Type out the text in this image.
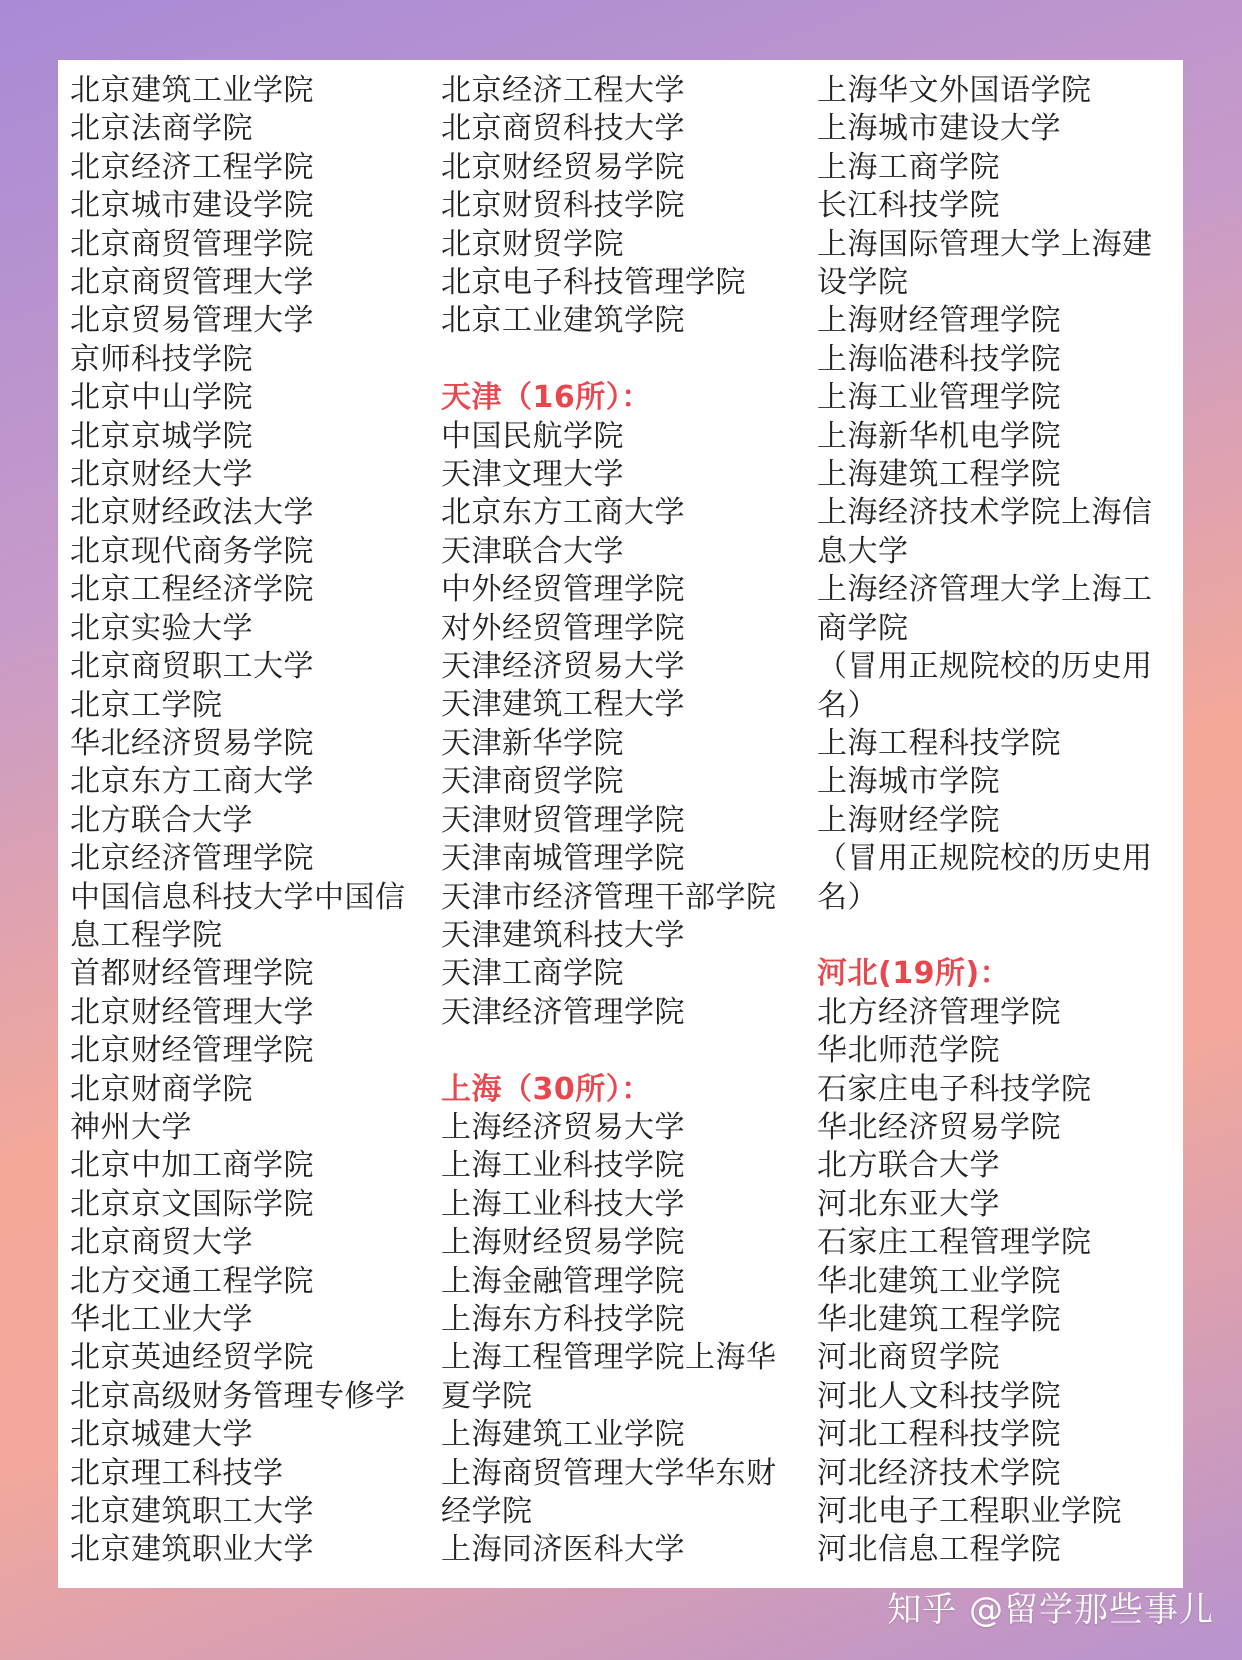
北京建筑工业学院
北京法商学院
北京经济工程学院
北京城市建设学院
北京商贸管理学院
北京商贸管理大学
北京贸易管理大学
京师科技学院
北京中山学院
北京京城学院
北京财经大学
北京财经政法大学
北京现代商务学院
北京工程经济学院
北京实验大学
北京商贸职工大学
北京工学院
华北经济贸易学院
北京东方工商大学
北方联合大学
北京经济管理学院
中国信息科技大学中国信息工程学院
首都财经管理学院
北京财经管理大学
北京财经管理学院
北京财商学院
神州大学
北京中加工商学院
北京京文国际学院
北京商贸大学
北方交通工程学院
华北工业大学
北京英迪经贸学院
北京高级财务管理专修学
北京城建大学
北京理工科技学
北京建筑职工大学
北京建筑职业大学
北京经济工程大学
北京商贸科技大学
北京财经贸易学院
北京财贸科技学院
北京财贸学院
北京电子科技管理学院
北京工业建筑学院
天津（16所）：
中国民航学院
天津文理大学
北京东方工商大学
天津联合大学
中外经贸管理学院
对外经贸管理学院
天津经济贸易大学
天津建筑工程大学
天津新华学院
天津商贸学院
天津财贸管理学院
天津南城管理学院
天津市经济管理干部学院
天津建筑科技大学
天津工商学院
天津经济管理学院
上海（30所）：
上海经济贸易大学
上海工业科技学院
上海工业科技大学
上海财经贸易学院
上海金融管理学院
上海东方科技学院
上海工程管理学院上海华夏学院
上海建筑工业学院
上海商贸管理大学华东财经学院
上海同济医科大学
上海华文外国语学院
上海城市建设大学
上海工商学院
长江科技学院
上海国际管理大学上海建设学院
上海财经管理学院
上海临港科技学院
上海工业管理学院
上海新华机电学院
上海建筑工程学院
上海经济技术学院上海信息大学
上海经济管理大学上海工商学院
（冒用正规院校的历史用名）
上海工程科技学院
上海城市学院
上海财经学院
（冒用正规院校的历史用名）
河北(19所)：
北方经济管理学院
华北师范学院
石家庄电子科技学院
华北经济贸易学院
北方联合大学
河北东亚大学
石家庄工程管理学院
华北建筑工业学院
华北建筑工程学院
河北商贸学院
河北人文科技学院
河北工程科技学院
河北经济技术学院
河北电子工程职业学院
河北信息工程学院
知乎 @留学那些事儿
